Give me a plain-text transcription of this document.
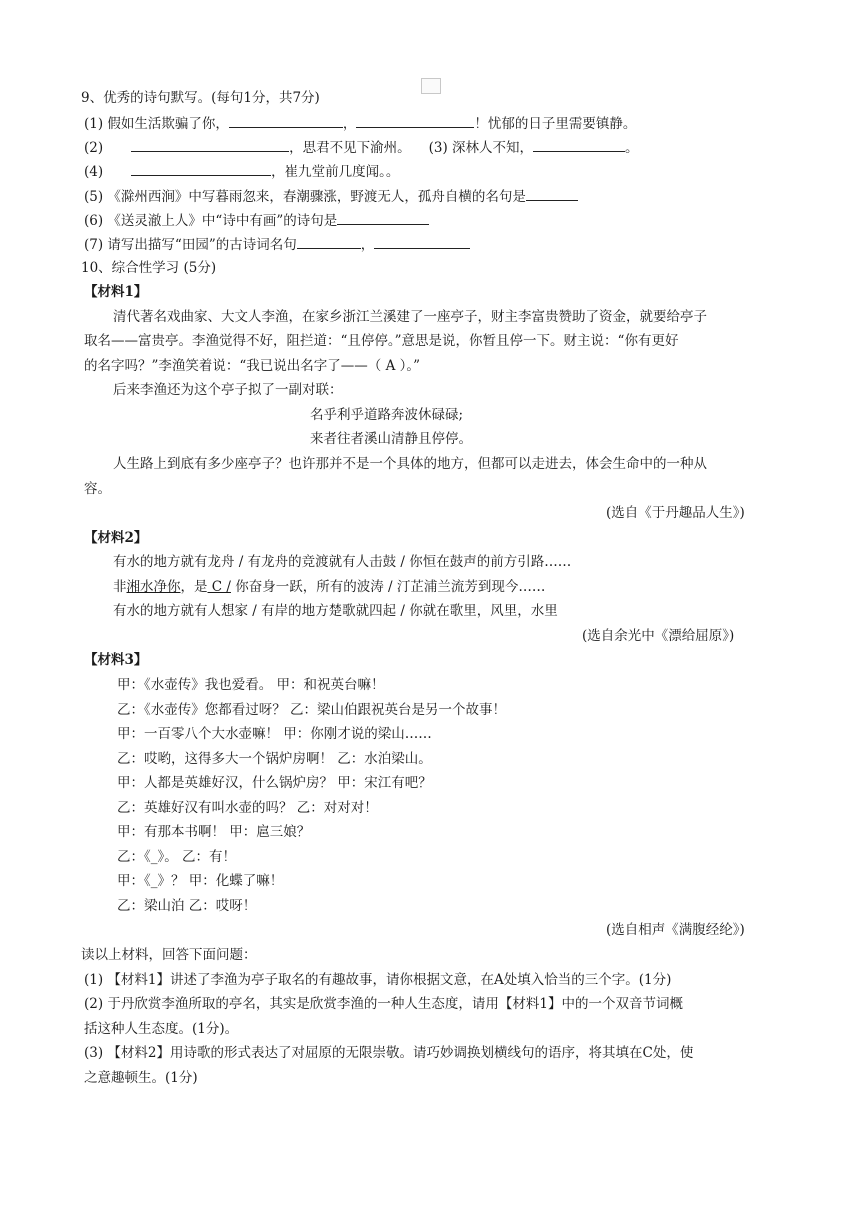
9、优秀的诗句默写。(每句1分，共7分)
(1) 假如生活欺骗了你，	，	！忧郁的日子里需要镇静。
(2)	，思君不见下渝州。 (3) 深林人不知，	。
(4)	，崔九堂前几度闻。。
(5) 《滁州西涧》中写暮雨忽来，春潮骤涨，野渡无人，孤舟自横的名句是
(6) 《送灵澈上人》中“诗中有画”的诗句是
(7) 请写出描写“田园”的古诗词名句	，
10、综合性学习 (5分)
【材料1】
清代著名戏曲家、大文人李渔，在家乡浙江兰溪建了一座亭子，财主李富贵赞助了资金，就要给亭子
取名——富贵亭。李渔觉得不好，阻拦道：“且停停。”意思是说，你暂且停一下。财主说：“你有更好
的名字吗？”李渔笑着说：“我已说出名字了——（ A ）。”
后来李渔还为这个亭子拟了一副对联：
名乎利乎道路奔波休碌碌;
来者往者溪山清静且停停。
人生路上到底有多少座亭子？也许那并不是一个具体的地方，但都可以走进去，体会生命中的一种从
容。
(选自《于丹趣品人生》)
【材料2】
有水的地方就有龙舟 / 有龙舟的竞渡就有人击鼓 / 你恒在鼓声的前方引路……
非湘水净你，是 C / 你奋身一跃，所有的波涛 / 汀芷浦兰流芳到现今……
有水的地方就有人想家 / 有岸的地方楚歌就四起 / 你就在歌里，风里，水里
(选自余光中《漂给屈原》)
【材料3】
甲：《水壶传》我也爱看。 甲：和祝英台嘛！
乙：《水壶传》您都看过呀？ 乙：梁山伯跟祝英台是另一个故事！
甲：一百零八个大水壶嘛！ 甲：你刚才说的梁山……
乙：哎哟，这得多大一个锅炉房啊！ 乙：水泊梁山。
甲：人都是英雄好汉，什么锅炉房？ 甲：宋江有吧？
乙：英雄好汉有叫水壶的吗？ 乙：对对对！
甲：有那本书啊！ 甲：扈三娘？
乙：《_》。 乙：有！
甲：《_》？ 甲：化蝶了嘛！
乙：梁山泊 乙：哎呀！
(选自相声《满腹经纶》)
读以上材料，回答下面问题：
(1) 【材料1】讲述了李渔为亭子取名的有趣故事，请你根据文意，在A处填入恰当的三个字。(1分)
(2) 于丹欣赏李渔所取的亭名，其实是欣赏李渔的一种人生态度，请用【材料1】中的一个双音节词概
括这种人生态度。(1分)。
(3) 【材料2】用诗歌的形式表达了对屈原的无限崇敬。请巧妙调换划横线句的语序，将其填在C处，使
之意趣顿生。(1分)
